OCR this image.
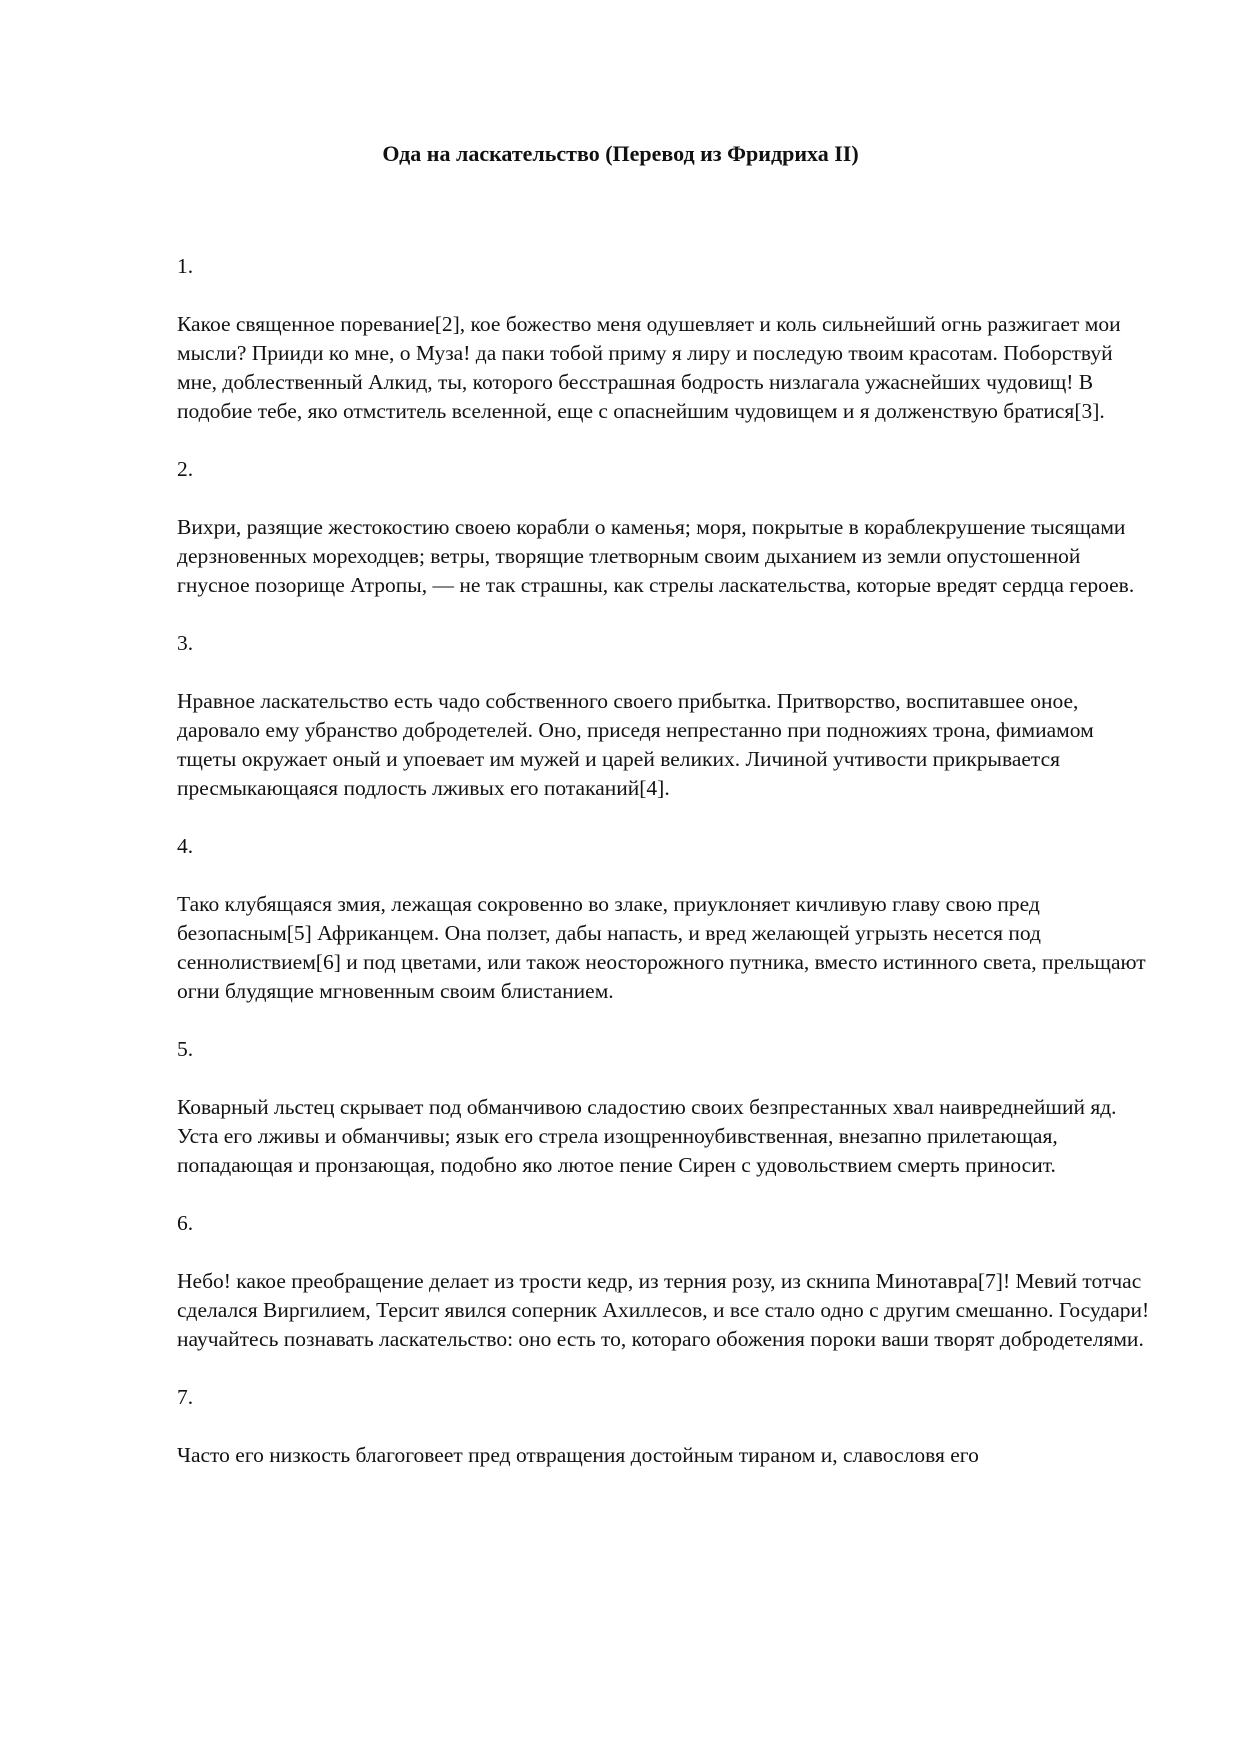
Ода на ласкательство (Перевод из Фридриха II)

1.

Какое священное поревание[2], кое божество меня одушевляет и коль сильнейший огнь разжигает мои мысли? Прииди ко мне, о Муза! да паки тобой приму я лиру и последую твоим красотам. Поборствуй мне, доблественный Алкид, ты, которого бесстрашная бодрость низлагала ужаснейших чудовищ! В подобие тебе, яко отмститель вселенной, еще с опаснейшим чудовищем и я долженствую братися[3].

2.

Вихри, разящие жестокостию своею корабли о каменья; моря, покрытые в кораблекрушение тысящами дерзновенных мореходцев; ветры, творящие тлетворным своим дыханием из земли опустошенной гнусное позорище Атропы, — не так страшны, как стрелы ласкательства, которые вредят сердца героев.

3.

Нравное ласкательство есть чадо собственного своего прибытка. Притворство, воспитавшее оное, даровало ему убранство добродетелей. Оно, приседя непрестанно при подножиях трона, фимиамом тщеты окружает оный и упоевает им мужей и царей великих. Личиной учтивости прикрывается пресмыкающаяся подлость лживых его потаканий[4].

4.

Тако клубящаяся змия, лежащая сокровенно во злаке, приуклоняет кичливую главу свою пред безопасным[5] Африканцем. Она ползет, дабы напасть, и вред желающей угрызть несется под сеннолиствием[6] и под цветами, или також неосторожного путника, вместо истинного света, прельщают огни блудящие мгновенным своим блистанием.

5.

Коварный льстец скрывает под обманчивою сладостию своих безпрестанных хвал наивреднейший яд. Уста его лживы и обманчивы; язык его стрела изощренноубивственная, внезапно прилетающая, попадающая и пронзающая, подобно яко лютое пение Сирен с удовольствием смерть приносит.

6.

Небо! какое преобращение делает из трости кедр, из терния розу, из скнипа Минотавра[7]! Мевий тотчас сделался Виргилием, Терсит явился соперник Ахиллесов, и все стало одно с другим смешанно. Государи! научайтесь познавать ласкательство: оно есть то, котораго обожения пороки ваши творят добродетелями.

7.

Часто его низкость благоговеет пред отвращения достойным тираном и, славословя его
